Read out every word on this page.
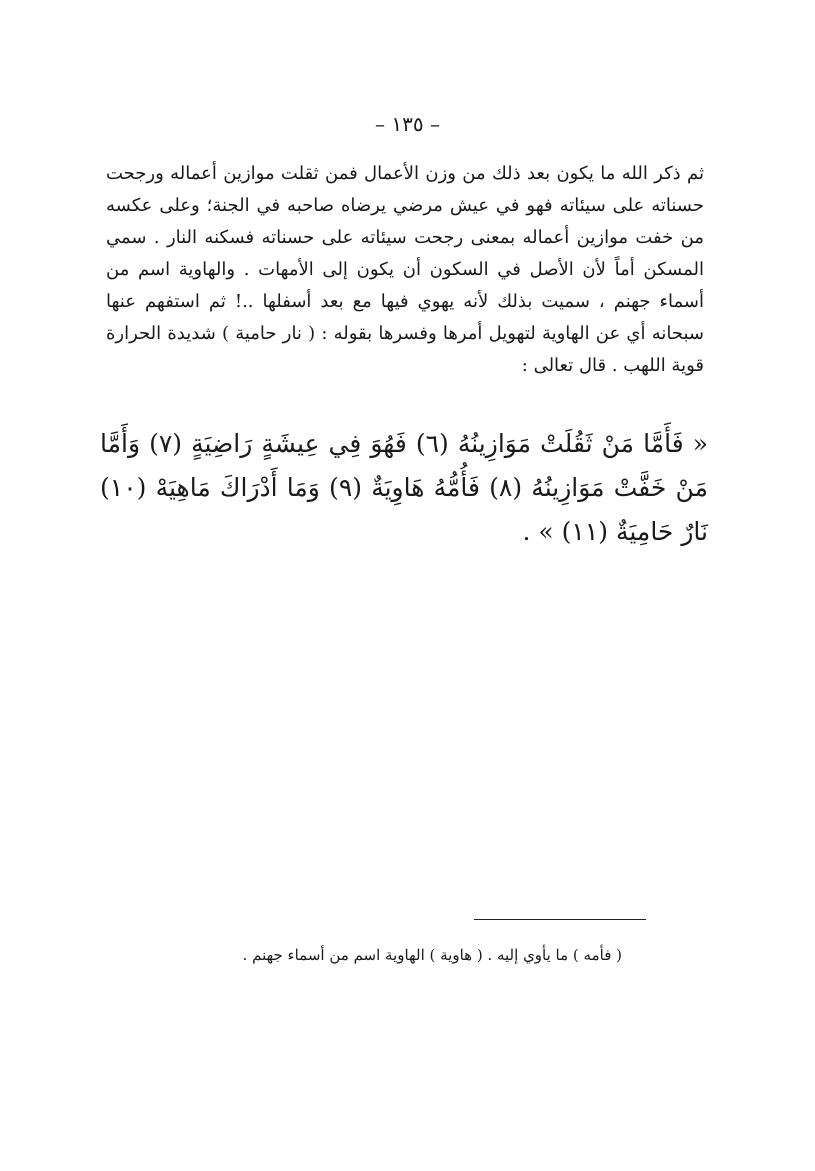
– ١٣٥ –

ثم ذكر الله ما يكون بعد ذلك من وزن الأعمال فمن ثقلت موازين أعماله ورجحت حسناته على سيئاته فهو في عيش مرضي يرضاه صاحبه في الجنة؛ وعلى عكسه من خفت موازين أعماله بمعنى رجحت سيئاته على حسناته فسكنه النار . سمي المسكن أماً لأن الأصل في السكون أن يكون إلى الأمهات . والهاوية اسم من أسماء جهنم ، سميت بذلك لأنه يهوي فيها مع بعد أسفلها ..! ثم استفهم عنها سبحانه أي عن الهاوية لتهويل أمرها وفسرها بقوله : ( نار حامية ) شديدة الحرارة قوية اللهب . قال تعالى :

« فَأَمَّا مَنْ ثَقُلَتْ مَوَازِينُهُ (٦) فَهُوَ فِي عِيشَةٍ رَاضِيَةٍ (٧) وَأَمَّا مَنْ خَفَّتْ مَوَازِينُهُ (٨) فَأُمُّهُ هَاوِيَةٌ (٩) وَمَا أَدْرَاكَ مَاهِيَهْ (١٠) نَارٌ حَامِيَةٌ (١١) » .

( فأمه ) ما يأوي إليه . ( هاوية ) الهاوية اسم من أسماء جهنم .
